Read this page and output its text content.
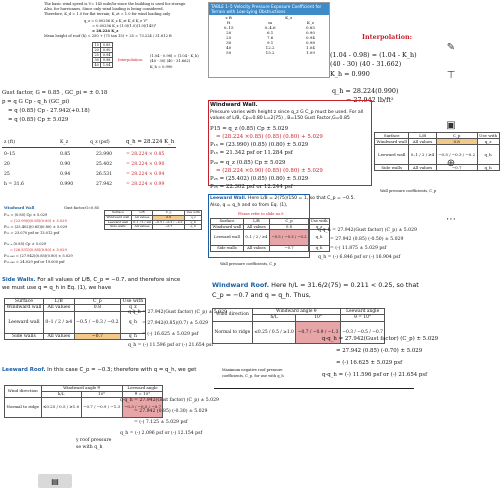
The basic wind speed is V= 145 mile/hr since the building is used for storage.
Also, for hurricanes. Since only wind loading is being considered,
Therefore, K_d = 1.0 for flat terrain; K_zt = 1.0 for wind loading only
q_z = 0.00256 K_z K_zt K_d K_e V²
= 0.00256 K_z (1.0)(1.0)(1.0)(145)²
= 28.224 K_z
Mean height of roof (h) = 250 + (75 tan 15) + 25 = 73.224 / 31.612 ft
15	0.85
20	0.90
25	0.94
30	0.98
40	1.04
Interpolation:
(1.04 - 0.98) = (1.04 - K_h)
(40 - 30) (40 - 31.662)
K_h = 0.990
Gust factor, G = 0.85 , GC_pi = ± 0.18
p = q G Cp - q_h (GC_pi)
= q (0.85) Cp - 27.942(+0.18)
= q (0.85) Cp ± 5.029
z (ft)	K_z	q_z (psf)	q_h = 28.224 K_h
0–15	0.85	23.990	= 28.224 × 0.85
20	0.90	25.402	= 28.224 × 0.90
25	0.94	26.531	= 28.224 × 0.94
h = 31.6	0.990	27.942	= 28.224 × 0.99
Windward Wall	Gust factor,G=0.85
P₁₅ = (0.85) Cp ± 5.029
= (23.990)(0.85)(0.80) ± 5.029
P₂₀ = (25.402)(0.85)(0.80) ± 5.029
P₂₀ = 23.070 psf or 13.012 psf
P₂₅ ₌ (0.85) Cp ± 5.029
= (26.531)(0.85)(0.80) ± 5.029
P₃₁.₆₆₂ = (27.942)(0.85)(0.80) ± 5.029
P₃₁.₆₆₂ = 24.029 psf or 19.000 psf
Surface	L/B	C_p	Use with
Windward wall	All values	0.8	q_z
Leeward wall	0–1 / 2 / ≥4	−0.5 / −0.3 / −0.2	q_h
Side walls	All values	−0.7	q_h
Side Walls. For all values of L/B, C_p = −0.7, and therefore since
we must use q = q_h in Eq. (1), we have
Surface	L/B	C_p	Use with
Windward wall	All values	0.8	q_z
Leeward wall	0–1 / 2 / ≥4	−0.5 / −0.3 / −0.2	q_h
Side walls	All values	−0.7	q_h
q-q_h = 27.942(Gust factor) (C_p) ± 5.029
= 27.942(0.85)(0.7) ± 5.029
= (-) 16.625 ± 5.029 psf
q_h = (-) 11.596 psf or (-) 21.654 psf
Leeward Roof. In this case C_p = −0.3; therefore with q = q_h, we get
Wind direction	Windward angle θ		Leeward angle
	h/L	10°	θ = 10°
Normal to ridge	≤0.25 / 0.5 / ≥1.0	−0.7 / −0.9 / −1.3	−0.3 / −0.5 / −0.7
q-q_h = 27.942(Gust factor) (C_p) ± 5.029
= 27.942 (0.85) (-0.30) ± 5.029
= (-) 7.125 ± 5.029 psf
q_h = (-) 2.096 psf or (-) 12.154 psf
y roof pressure
se with q_h
▤
TABLE 1–5 Velocity Pressure Exposure Coefficient for Terrain with Low-Lying Obstructions
z ft	K_z	
ft	m	K_z
0–15	0–4.6	0.85
20	6.1	0.90
25	7.6	0.94
30	9.1	0.98
40	12.2	1.04
50	15.2	1.09
Interpolation:
(1.04 - 0.98) = (1.04 - K_h)
(40 - 30) (40 - 31.662)
K_h = 0.990
q_h = 28.224(0.990)
= 27.942 lb/ft²
Windward Wall.
Pressure varies with height z since q_z G C_p must be used. For all
values of L/B, Cp=0.80 L=2(75) , B=150 Gust Factor,G=0.85
P15 = q_z (0.85) Cp ± 5.029
= (28.224 ×0.85) (0.85) (0.80) + 5.029
P₁₅ = (23.990) (0.85) (0.80) ± 5.029
P₁₅ = 21.342 psf or 11.284 psf
P₂₀ = q_z (0.85) Cp ± 5.029
= (28.224 ×0.90) (0.85) (0.80) ± 5.029
P₂₅ = (25.402) (0.85) (0.80) ± 5.029
P₂₅ = 22.302 psf or 12.244 psf
Surface	L/B	C_p	Use with
Windward wall	All values	0.8	q_z
Leeward wall	0–1 / 2 / ≥4	−0.5 / −0.3 / −0.2	q_h
Side walls	All values	−0.7	q_h
Wall pressure coefficients, C_p
Leeward Wall. Here L/B = 2(75)/150 = 1, so that C_p = −0.5.
Also, q = q_h and so from Eq. (1),
Please refer to slide no.9
Surface	L/B	C_p	Use with
Windward wall	All values	0.8	q_z
Leeward wall	0–1 / 2 / ≥4	−0.5 / −0.3 / −0.2	q_h
Side walls	All values	−0.7	q_h
Wall pressure coefficients, C_p
q-q_h = 27.942(Gust factor) (C_p) ± 5.029
= 27.942 (0.85) (-0.50) ± 5.029
= (-) 11.875 ± 5.029 psf
q_h = (-) 6.846 psf or (-) 16.904 psf
Windward Roof. Here h/L = 31.6/2(75) = 0.211 < 0.25, so that
C_p = −0.7 and q = q_h. Thus,
Wind direction	Windward angle θ		Leeward angle
	h/L	10°	θ = 10°
Normal to ridge	≤0.25 / 0.5 / ≥1.0	−0.7 / −0.9 / −1.3	−0.3 / −0.5 / −0.7
Maximum negative roof pressure
coefficients, C_p, for use with q_h
q-q_h = 27.942(Gust factor) (C_p) ± 5.029
= 27.942 (0.85) (-0.70) ± 5.029
= (-) 16.625 ± 5.029 psf
q-q_h = (-) 11.596 psf or (-) 21.654 psf
✎
⊤
▣
⊕
⋯
